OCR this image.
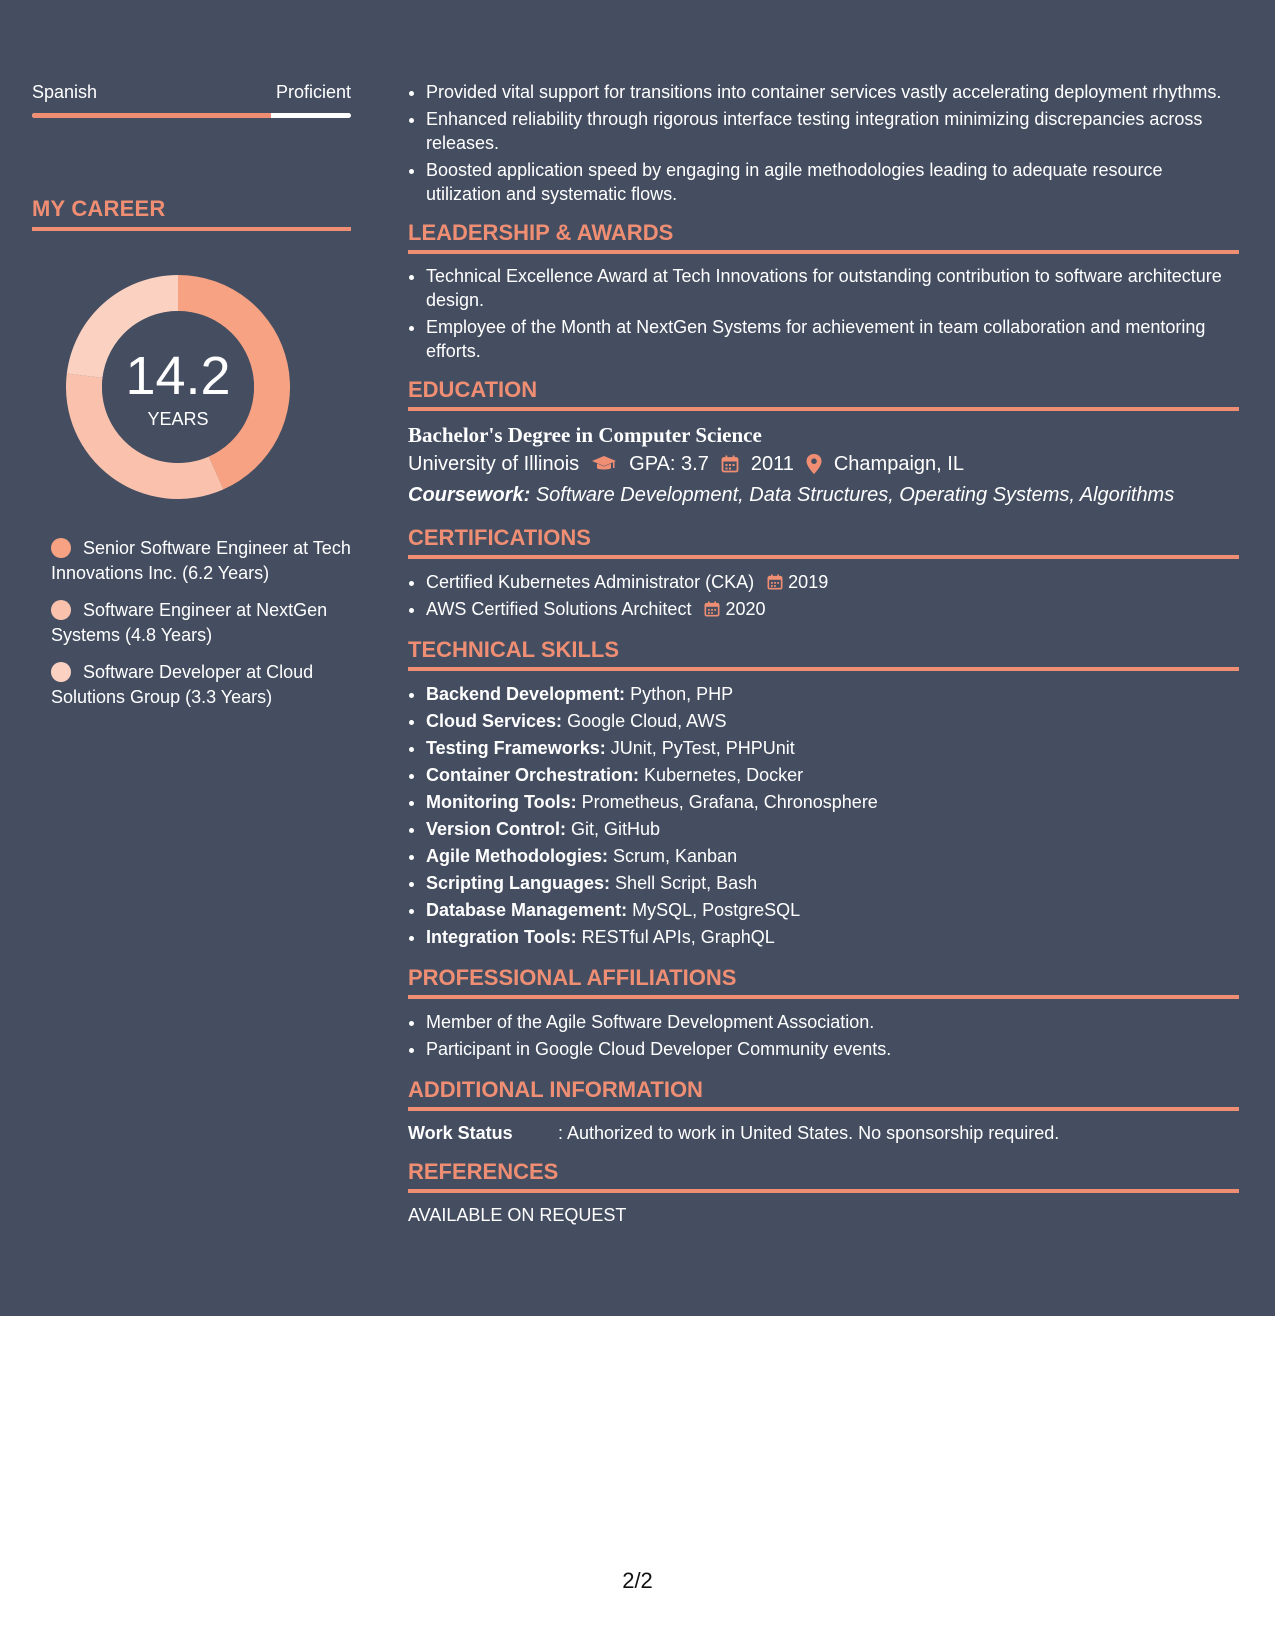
Spanish	Proficient
MY CAREER
14.2
YEARS
Senior Software Engineer at Tech Innovations Inc. (6.2 Years)
Software Engineer at NextGen Systems (4.8 Years)
Software Developer at Cloud Solutions Group (3.3 Years)
• Provided vital support for transitions into container services vastly accelerating deployment rhythms.
• Enhanced reliability through rigorous interface testing integration minimizing discrepancies across releases.
• Boosted application speed by engaging in agile methodologies leading to adequate resource utilization and systematic flows.
LEADERSHIP & AWARDS
• Technical Excellence Award at Tech Innovations for outstanding contribution to software architecture design.
• Employee of the Month at NextGen Systems for achievement in team collaboration and mentoring efforts.
EDUCATION
Bachelor's Degree in Computer Science
University of Illinois	GPA: 3.7 2011 Champaign, IL
Coursework: Software Development, Data Structures, Operating Systems, Algorithms
CERTIFICATIONS
• Certified Kubernetes Administrator (CKA) 2019
• AWS Certified Solutions Architect 2020
TECHNICAL SKILLS
• Backend Development: Python, PHP
• Cloud Services: Google Cloud, AWS
• Testing Frameworks: JUnit, PyTest, PHPUnit
• Container Orchestration: Kubernetes, Docker
• Monitoring Tools: Prometheus, Grafana, Chronosphere
• Version Control: Git, GitHub
• Agile Methodologies: Scrum, Kanban
• Scripting Languages: Shell Script, Bash
• Database Management: MySQL, PostgreSQL
• Integration Tools: RESTful APIs, GraphQL
PROFESSIONAL AFFILIATIONS
• Member of the Agile Software Development Association.
• Participant in Google Cloud Developer Community events.
ADDITIONAL INFORMATION
Work Status	: Authorized to work in United States. No sponsorship required.
REFERENCES
AVAILABLE ON REQUEST
2/2
